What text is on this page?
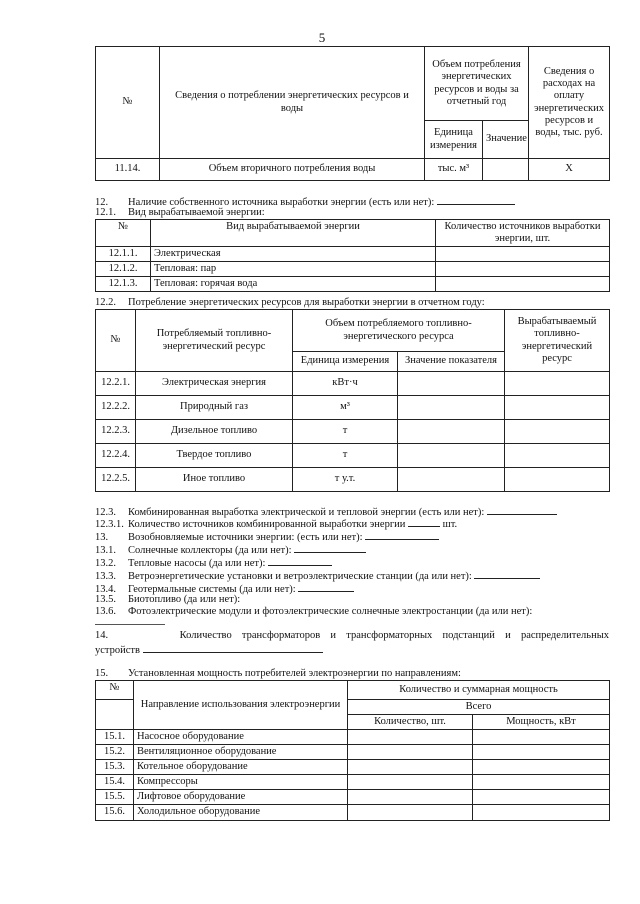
5
№	Сведения о потреблении энергетических ресурсов и воды	Объем потребления энергетических ресурсов и воды за отчетный год		Сведения о расходах на оплату энергетических ресурсов и воды, тыс. руб.
		Единица измерения	Значение	
11.14.	Объем вторичного потребления воды	тыс. м³		X
12. Наличие собственного источника выработки энергии (есть или нет):
12.1. Вид вырабатываемой энергии:
№	Вид вырабатываемой энергии	Количество источников выработки энергии, шт.
12.1.1.	Электрическая	
12.1.2.	Тепловая: пар	
12.1.3.	Тепловая: горячая вода	
12.2. Потребление энергетических ресурсов для выработки энергии в отчетном году:
№	Потребляемый топливно-энергетический ресурс	Объем потребляемого топливно-энергетического ресурса		Вырабатываемый топливно-энергетический ресурс
		Единица измерения	Значение показателя	
12.2.1.	Электрическая энергия	кВт·ч		
12.2.2.	Природный газ	м³		
12.2.3.	Дизельное топливо	т		
12.2.4.	Твердое топливо	т		
12.2.5.	Иное топливо	т у.т.		
12.3. Комбинированная выработка электрической и тепловой энергии (есть или нет):
12.3.1. Количество источников комбинированной выработки энергии	шт.
13. Возобновляемые источники энергии: (есть или нет):
13.1. Солнечные коллекторы (да или нет):
13.2. Тепловые насосы (да или нет):
13.3. Ветроэнергетические установки и ветроэлектрические станции (да или нет):
13.4. Геотермальные системы (да или нет):
13.5. Биотопливо (да или нет):
13.6. Фотоэлектрические модули и фотоэлектрические солнечные электростанции (да или нет):
14.	Количество трансформаторов и трансформаторных подстанций и распределительных
устройств
15. Установленная мощность потребителей электроэнергии по направлениям:
№	Направление использования электроэнергии	Количество и суммарная мощность	
		Всего	
		Количество, шт.	Мощность, кВт
15.1.	Насосное оборудование		
15.2.	Вентиляционное оборудование		
15.3.	Котельное оборудование		
15.4.	Компрессоры		
15.5.	Лифтовое оборудование		
15.6.	Холодильное оборудование		
